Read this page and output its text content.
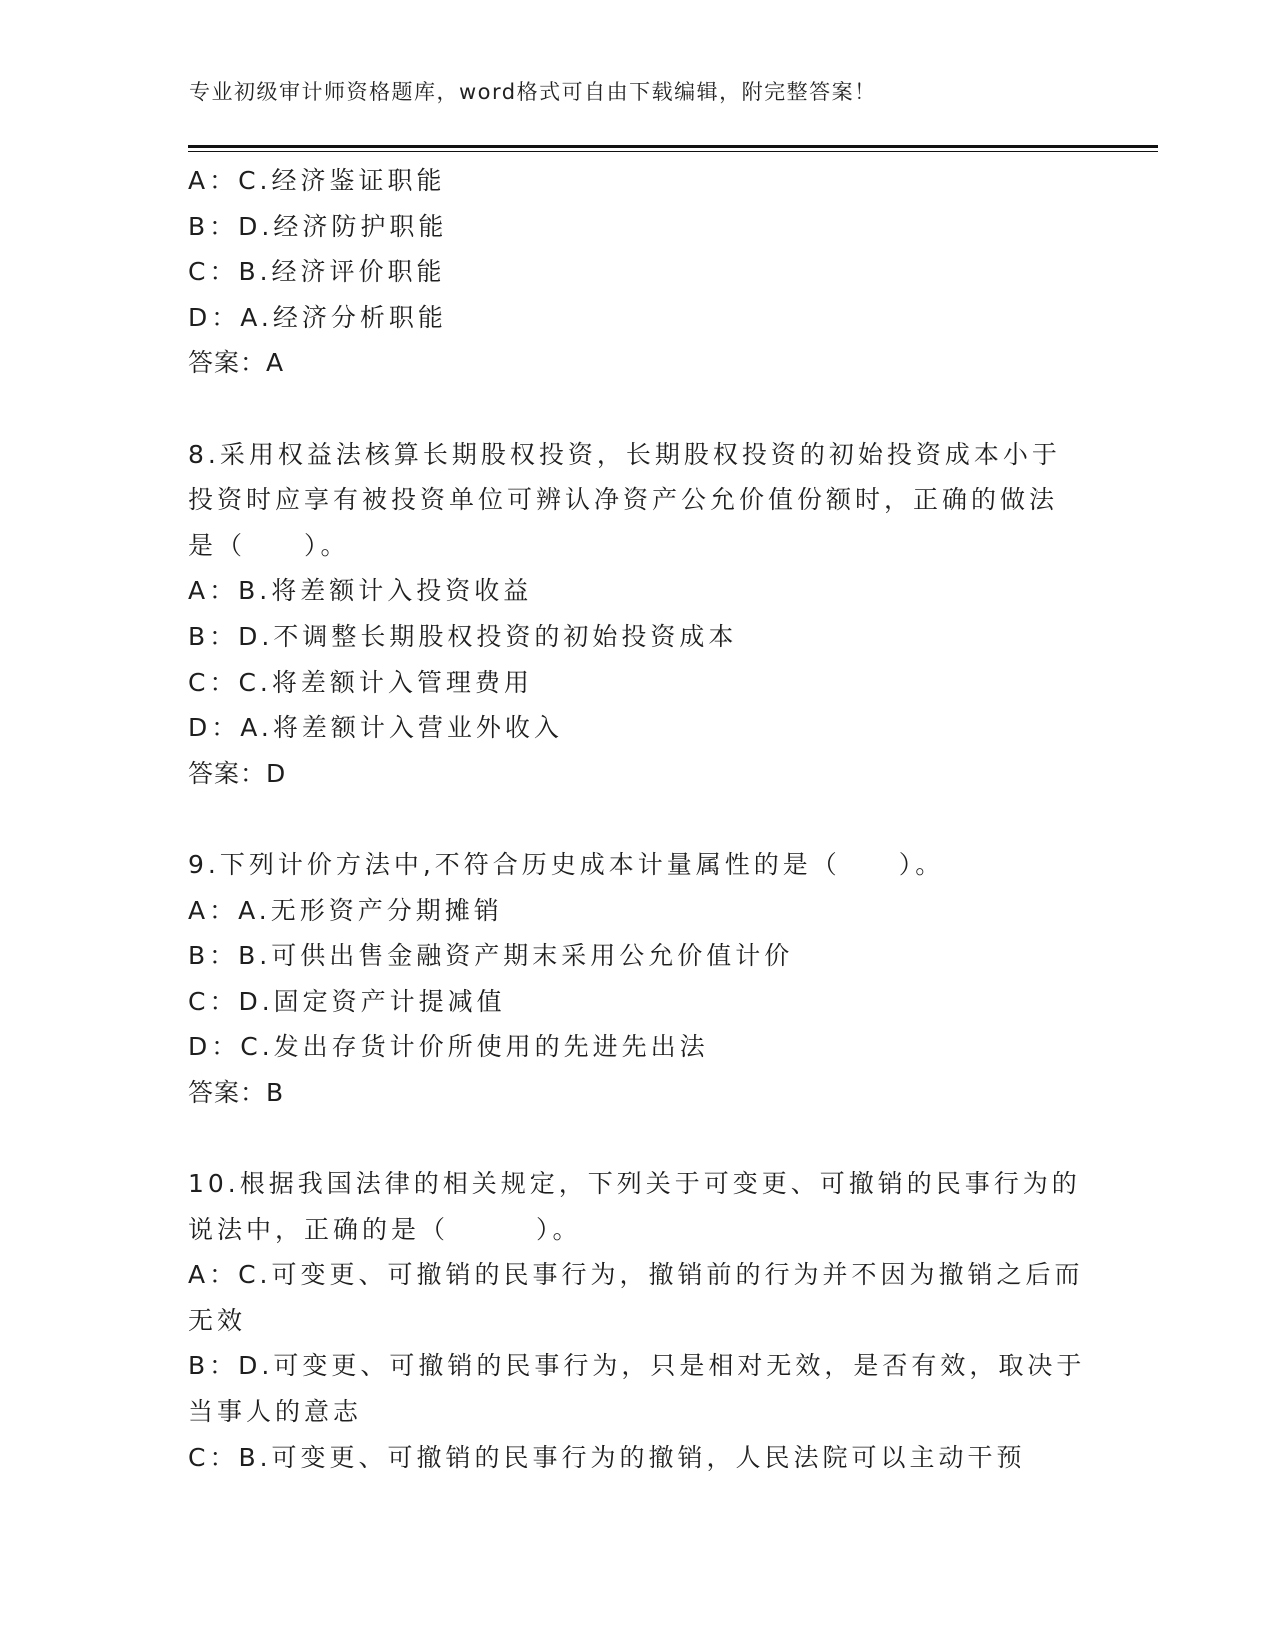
专业初级审计师资格题库，word格式可自由下载编辑，附完整答案！
A：C.经济鉴证职能
B：D.经济防护职能
C：B.经济评价职能
D：A.经济分析职能
答案：A
8.采用权益法核算长期股权投资，长期股权投资的初始投资成本小于
投资时应享有被投资单位可辨认净资产公允价值份额时，正确的做法
是（　　）。
A：B.将差额计入投资收益
B：D.不调整长期股权投资的初始投资成本
C：C.将差额计入管理费用
D：A.将差额计入营业外收入
答案：D
9.下列计价方法中,不符合历史成本计量属性的是（　　）。
A：A.无形资产分期摊销
B：B.可供出售金融资产期末采用公允价值计价
C：D.固定资产计提减值
D：C.发出存货计价所使用的先进先出法
答案：B
10.根据我国法律的相关规定，下列关于可变更、可撤销的民事行为的
说法中，正确的是（　　　）。
A：C.可变更、可撤销的民事行为，撤销前的行为并不因为撤销之后而
无效
B：D.可变更、可撤销的民事行为，只是相对无效，是否有效，取决于
当事人的意志
C：B.可变更、可撤销的民事行为的撤销，人民法院可以主动干预
